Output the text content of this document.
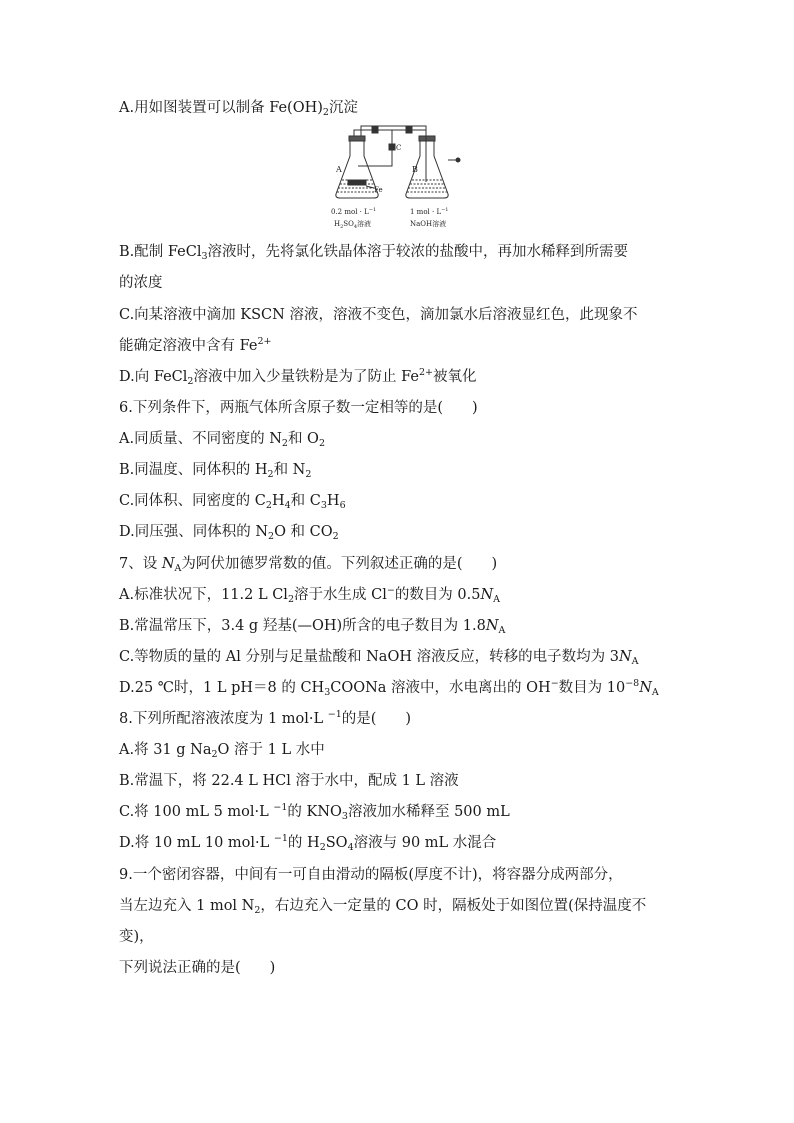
A.用如图装置可以制备 $Fe(OH)_2$沉淀
A	B
C
Fe
0.2 mol · $L^{-1}$
$H_2SO_4$溶液
1 mol · $L^{-1}$
NaOH溶液
B.配制 FeCl$_3$溶液时，先将氯化铁晶体溶于较浓的盐酸中，再加水稀释到所需要
的浓度
C.向某溶液中滴加 KSCN 溶液，溶液不变色，滴加氯水后溶液显红色，此现象不
能确定溶液中含有 $Fe^{2+}$
D.向 FeCl$_2$溶液中加入少量铁粉是为了防止 $Fe^{2+}$被氧化
6.下列条件下，两瓶气体所含原子数一定相等的是(　　)
A.同质量、不同密度的 $N_2$和 $O_2$
B.同温度、同体积的 $H_2$和 $N_2$
C.同体积、同密度的 $C_2H_4$和 $C_3H_6$
D.同压强、同体积的 $N_2O$ 和 $CO_2$
7、设 $N_A$为阿伏加德罗常数的值。下列叙述正确的是(　　)
A.标准状况下，11.2 L $Cl_2$溶于水生成 Cl−的数目为 $0.5N_A$
B.常温常压下，3.4 g 羟基(—OH)所含的电子数目为 $1.8N_A$
C.等物质的量的 Al 分别与足量盐酸和 NaOH 溶液反应，转移的电子数均为 $3N_A$
D.25 ℃时，1 L pH＝8 的 $CH_3COONa$ 溶液中，水电离出的 OH−数目为 $10^{-8}N_A$
8.下列所配溶液浓度为 1 mol·L $^{-1}$的是(　　)
A.将 31 g $Na_2O$ 溶于 1 L 水中
B.常温下，将 22.4 L HCl 溶于水中，配成 1 L 溶液
C.将 100 mL 5 mol·L $^{-1}$的 $KNO_3$溶液加水稀释至 500 mL
D.将 10 mL 10 mol·L $^{-1}$的 $H_2SO_4$溶液与 90 mL 水混合
9.一个密闭容器，中间有一可自由滑动的隔板(厚度不计)，将容器分成两部分，
当左边充入 1 mol $N_2$，右边充入一定量的 CO 时，隔板处于如图位置(保持温度不
变)，
下列说法正确的是(　　)
